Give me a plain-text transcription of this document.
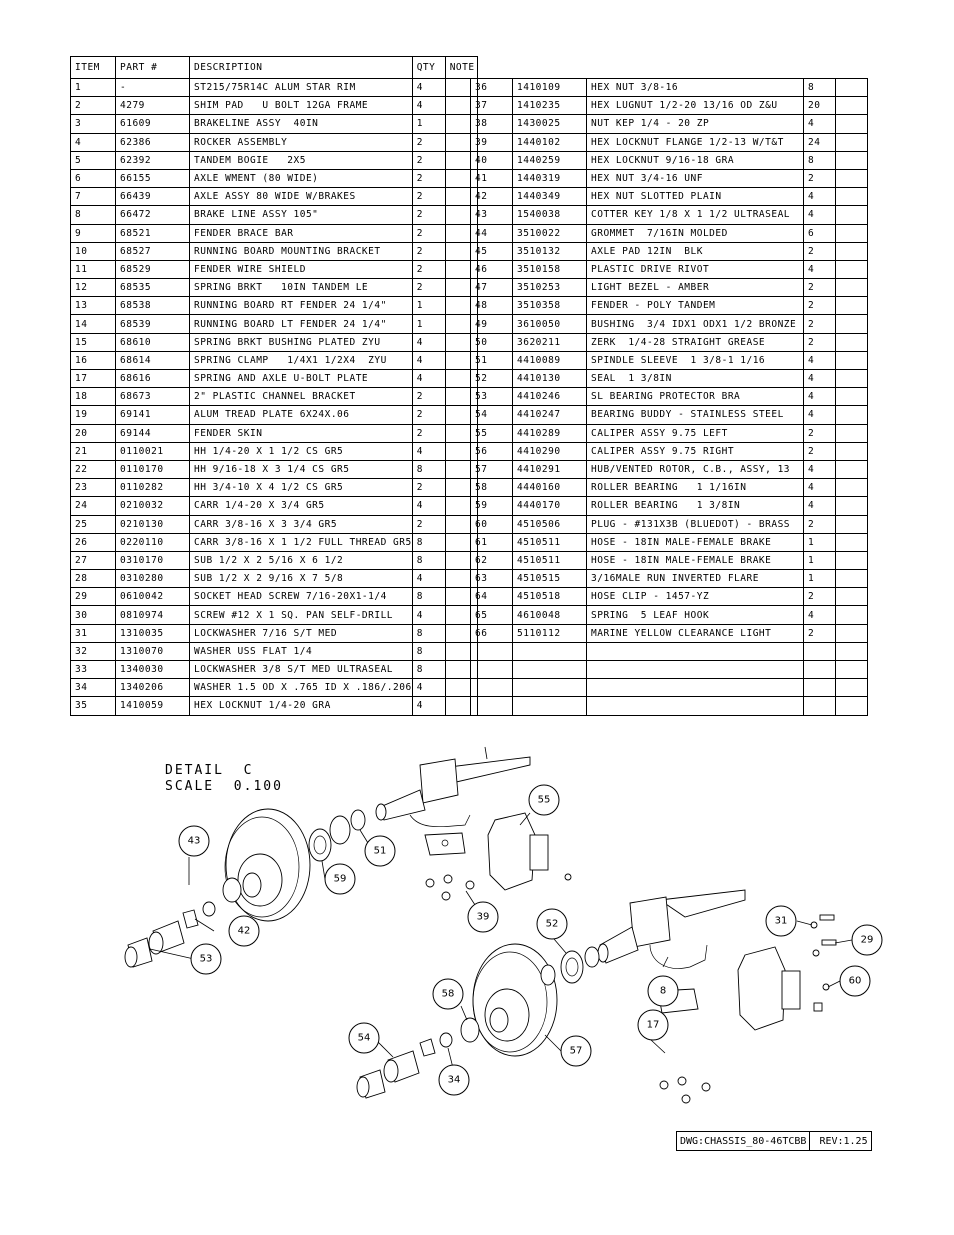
ITEM	PART #	DESCRIPTION	QTY	NOTE
1	-	ST215/75R14C ALUM STAR RIM	4	
2	4279	SHIM PAD   U BOLT 12GA FRAME	4	
3	61609	BRAKELINE ASSY  40IN	1	
4	62386	ROCKER ASSEMBLY	2	
5	62392	TANDEM BOGIE   2X5	2	
6	66155	AXLE WMENT (80 WIDE)	2	
7	66439	AXLE ASSY 80 WIDE W/BRAKES	2	
8	66472	BRAKE LINE ASSY 105"	2	
9	68521	FENDER BRACE BAR	2	
10	68527	RUNNING BOARD MOUNTING BRACKET	2	
11	68529	FENDER WIRE SHIELD	2	
12	68535	SPRING BRKT   10IN TANDEM LE	2	
13	68538	RUNNING BOARD RT FENDER 24 1/4"	1	
14	68539	RUNNING BOARD LT FENDER 24 1/4"	1	
15	68610	SPRING BRKT BUSHING PLATED ZYU	4	
16	68614	SPRING CLAMP   1/4X1 1/2X4  ZYU	4	
17	68616	SPRING AND AXLE U-BOLT PLATE	4	
18	68673	2" PLASTIC CHANNEL BRACKET	2	
19	69141	ALUM TREAD PLATE 6X24X.06	2	
20	69144	FENDER SKIN	2	
21	0110021	HH 1/4-20 X 1 1/2 CS GR5	4	
22	0110170	HH 9/16-18 X 3 1/4 CS GR5	8	
23	0110282	HH 3/4-10 X 4 1/2 CS GR5	2	
24	0210032	CARR 1/4-20 X 3/4 GR5	4	
25	0210130	CARR 3/8-16 X 3 3/4 GR5	2	
26	0220110	CARR 3/8-16 X 1 1/2 FULL THREAD GR5	8	
27	0310170	SUB 1/2 X 2 5/16 X 6 1/2	8	
28	0310280	SUB 1/2 X 2 9/16 X 7 5/8	4	
29	0610042	SOCKET HEAD SCREW 7/16-20X1-1/4	8	
30	0810974	SCREW #12 X 1 SQ. PAN SELF-DRILL	4	
31	1310035	LOCKWASHER 7/16 S/T MED	8	
32	1310070	WASHER USS FLAT 1/4	8	
33	1340030	LOCKWASHER 3/8 S/T MED ULTRASEAL	8	
34	1340206	WASHER 1.5 OD X .765 ID X .186/.206	4	
35	1410059	HEX LOCKNUT 1/4-20 GRA	4	
36	1410109	HEX NUT 3/8-16	8	
37	1410235	HEX LUGNUT 1/2-20 13/16 OD Z&U	20	
38	1430025	NUT KEP 1/4 - 20 ZP	4	
39	1440102	HEX LOCKNUT FLANGE 1/2-13 W/T&T	24	
40	1440259	HEX LOCKNUT 9/16-18 GRA	8	
41	1440319	HEX NUT 3/4-16 UNF	2	
42	1440349	HEX NUT SLOTTED PLAIN	4	
43	1540038	COTTER KEY 1/8 X 1 1/2 ULTRASEAL	4	
44	3510022	GROMMET  7/16IN MOLDED	6	
45	3510132	AXLE PAD 12IN  BLK	2	
46	3510158	PLASTIC DRIVE RIVOT	4	
47	3510253	LIGHT BEZEL - AMBER	2	
48	3510358	FENDER - POLY TANDEM	2	
49	3610050	BUSHING  3/4 IDX1 ODX1 1/2 BRONZE	2	
50	3620211	ZERK  1/4-28 STRAIGHT GREASE	2	
51	4410089	SPINDLE SLEEVE  1 3/8-1 1/16	4	
52	4410130	SEAL  1 3/8IN	4	
53	4410246	SL BEARING PROTECTOR BRA	4	
54	4410247	BEARING BUDDY - STAINLESS STEEL	4	
55	4410289	CALIPER ASSY 9.75 LEFT	2	
56	4410290	CALIPER ASSY 9.75 RIGHT	2	
57	4410291	HUB/VENTED ROTOR, C.B., ASSY, 13	4	
58	4440160	ROLLER BEARING   1 1/16IN	4	
59	4440170	ROLLER BEARING   1 3/8IN	4	
60	4510506	PLUG - #131X3B (BLUEDOT) - BRASS	2	
61	4510511	HOSE - 18IN MALE-FEMALE BRAKE	1	
62	4510511	HOSE - 18IN MALE-FEMALE BRAKE	1	
63	4510515	3/16MALE RUN INVERTED FLARE	1	
64	4510518	HOSE CLIP - 1457-YZ	2	
65	4610048	SPRING  5 LEAF HOOK	4	
66	5110112	MARINE YELLOW CLEARANCE LIGHT	2	

DETAIL  C
SCALE  0.100
43
42
53
59
51
55
39
52	31
29
60
8
58
17
57
54
34
DWG:CHASSIS_80-46TCBB	REV:1.25
